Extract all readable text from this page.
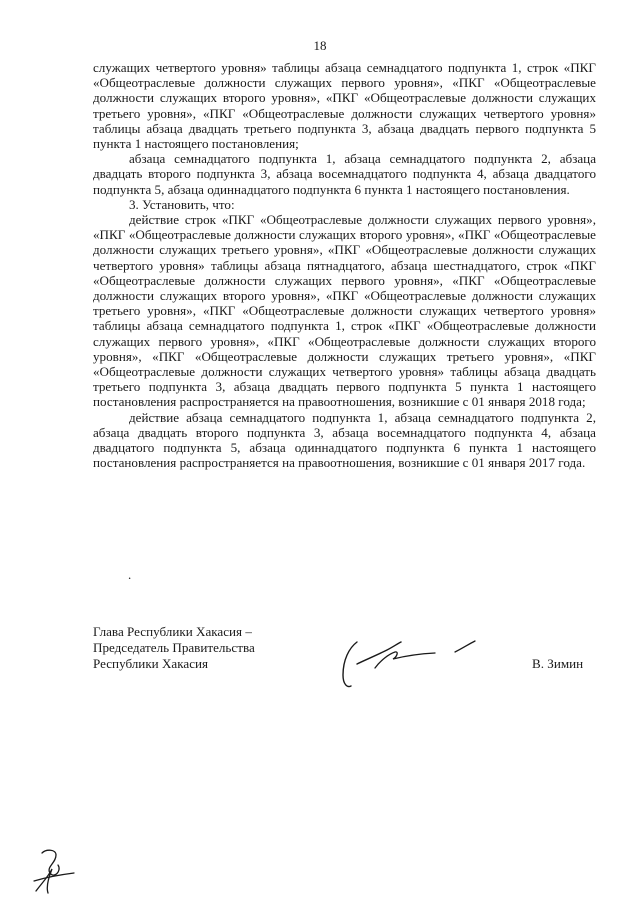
18

служащих четвертого уровня» таблицы абзаца семнадцатого подпункта 1, строк «ПКГ «Общеотраслевые должности служащих первого уровня», «ПКГ «Общеотраслевые должности служащих второго уровня», «ПКГ «Общеотраслевые должности служащих третьего уровня», «ПКГ «Общеотраслевые должности служащих четвертого уровня» таблицы абзаца двадцать третьего подпункта 3, абзаца двадцать первого подпункта 5 пункта 1 настоящего постановления;

абзаца семнадцатого подпункта 1, абзаца семнадцатого подпункта 2, абзаца двадцать второго подпункта 3, абзаца восемнадцатого подпункта 4, абзаца двадцатого подпункта 5, абзаца одиннадцатого подпункта 6 пункта 1 настоящего постановления.

3. Установить, что:

действие строк «ПКГ «Общеотраслевые должности служащих первого уровня», «ПКГ «Общеотраслевые должности служащих второго уровня», «ПКГ «Общеотраслевые должности служащих третьего уровня», «ПКГ «Общеотраслевые должности служащих четвертого уровня» таблицы абзаца пятнадцатого, абзаца шестнадцатого, строк «ПКГ «Общеотраслевые должности служащих первого уровня», «ПКГ «Общеотраслевые должности служащих второго уровня», «ПКГ «Общеотраслевые должности служащих третьего уровня», «ПКГ «Общеотраслевые должности служащих четвертого уровня» таблицы абзаца семнадцатого подпункта 1, строк «ПКГ «Общеотраслевые должности служащих первого уровня», «ПКГ «Общеотраслевые должности служащих второго уровня», «ПКГ «Общеотраслевые должности служащих третьего уровня», «ПКГ «Общеотраслевые должности служащих четвертого уровня» таблицы абзаца двадцать третьего подпункта 3, абзаца двадцать первого подпункта 5 пункта 1 настоящего постановления распространяется на правоотношения, возникшие с 01 января 2018 года;

действие абзаца семнадцатого подпункта 1, абзаца семнадцатого подпункта 2, абзаца двадцать второго подпункта 3, абзаца восемнадцатого подпункта 4, абзаца двадцатого подпункта 5, абзаца одиннадцатого подпункта 6 пункта 1 настоящего постановления распространяется на правоотношения, возникшие с 01 января 2017 года.

.
Глава Республики Хакасия –
Председатель Правительства
Республики Хакасия	В. Зимин
